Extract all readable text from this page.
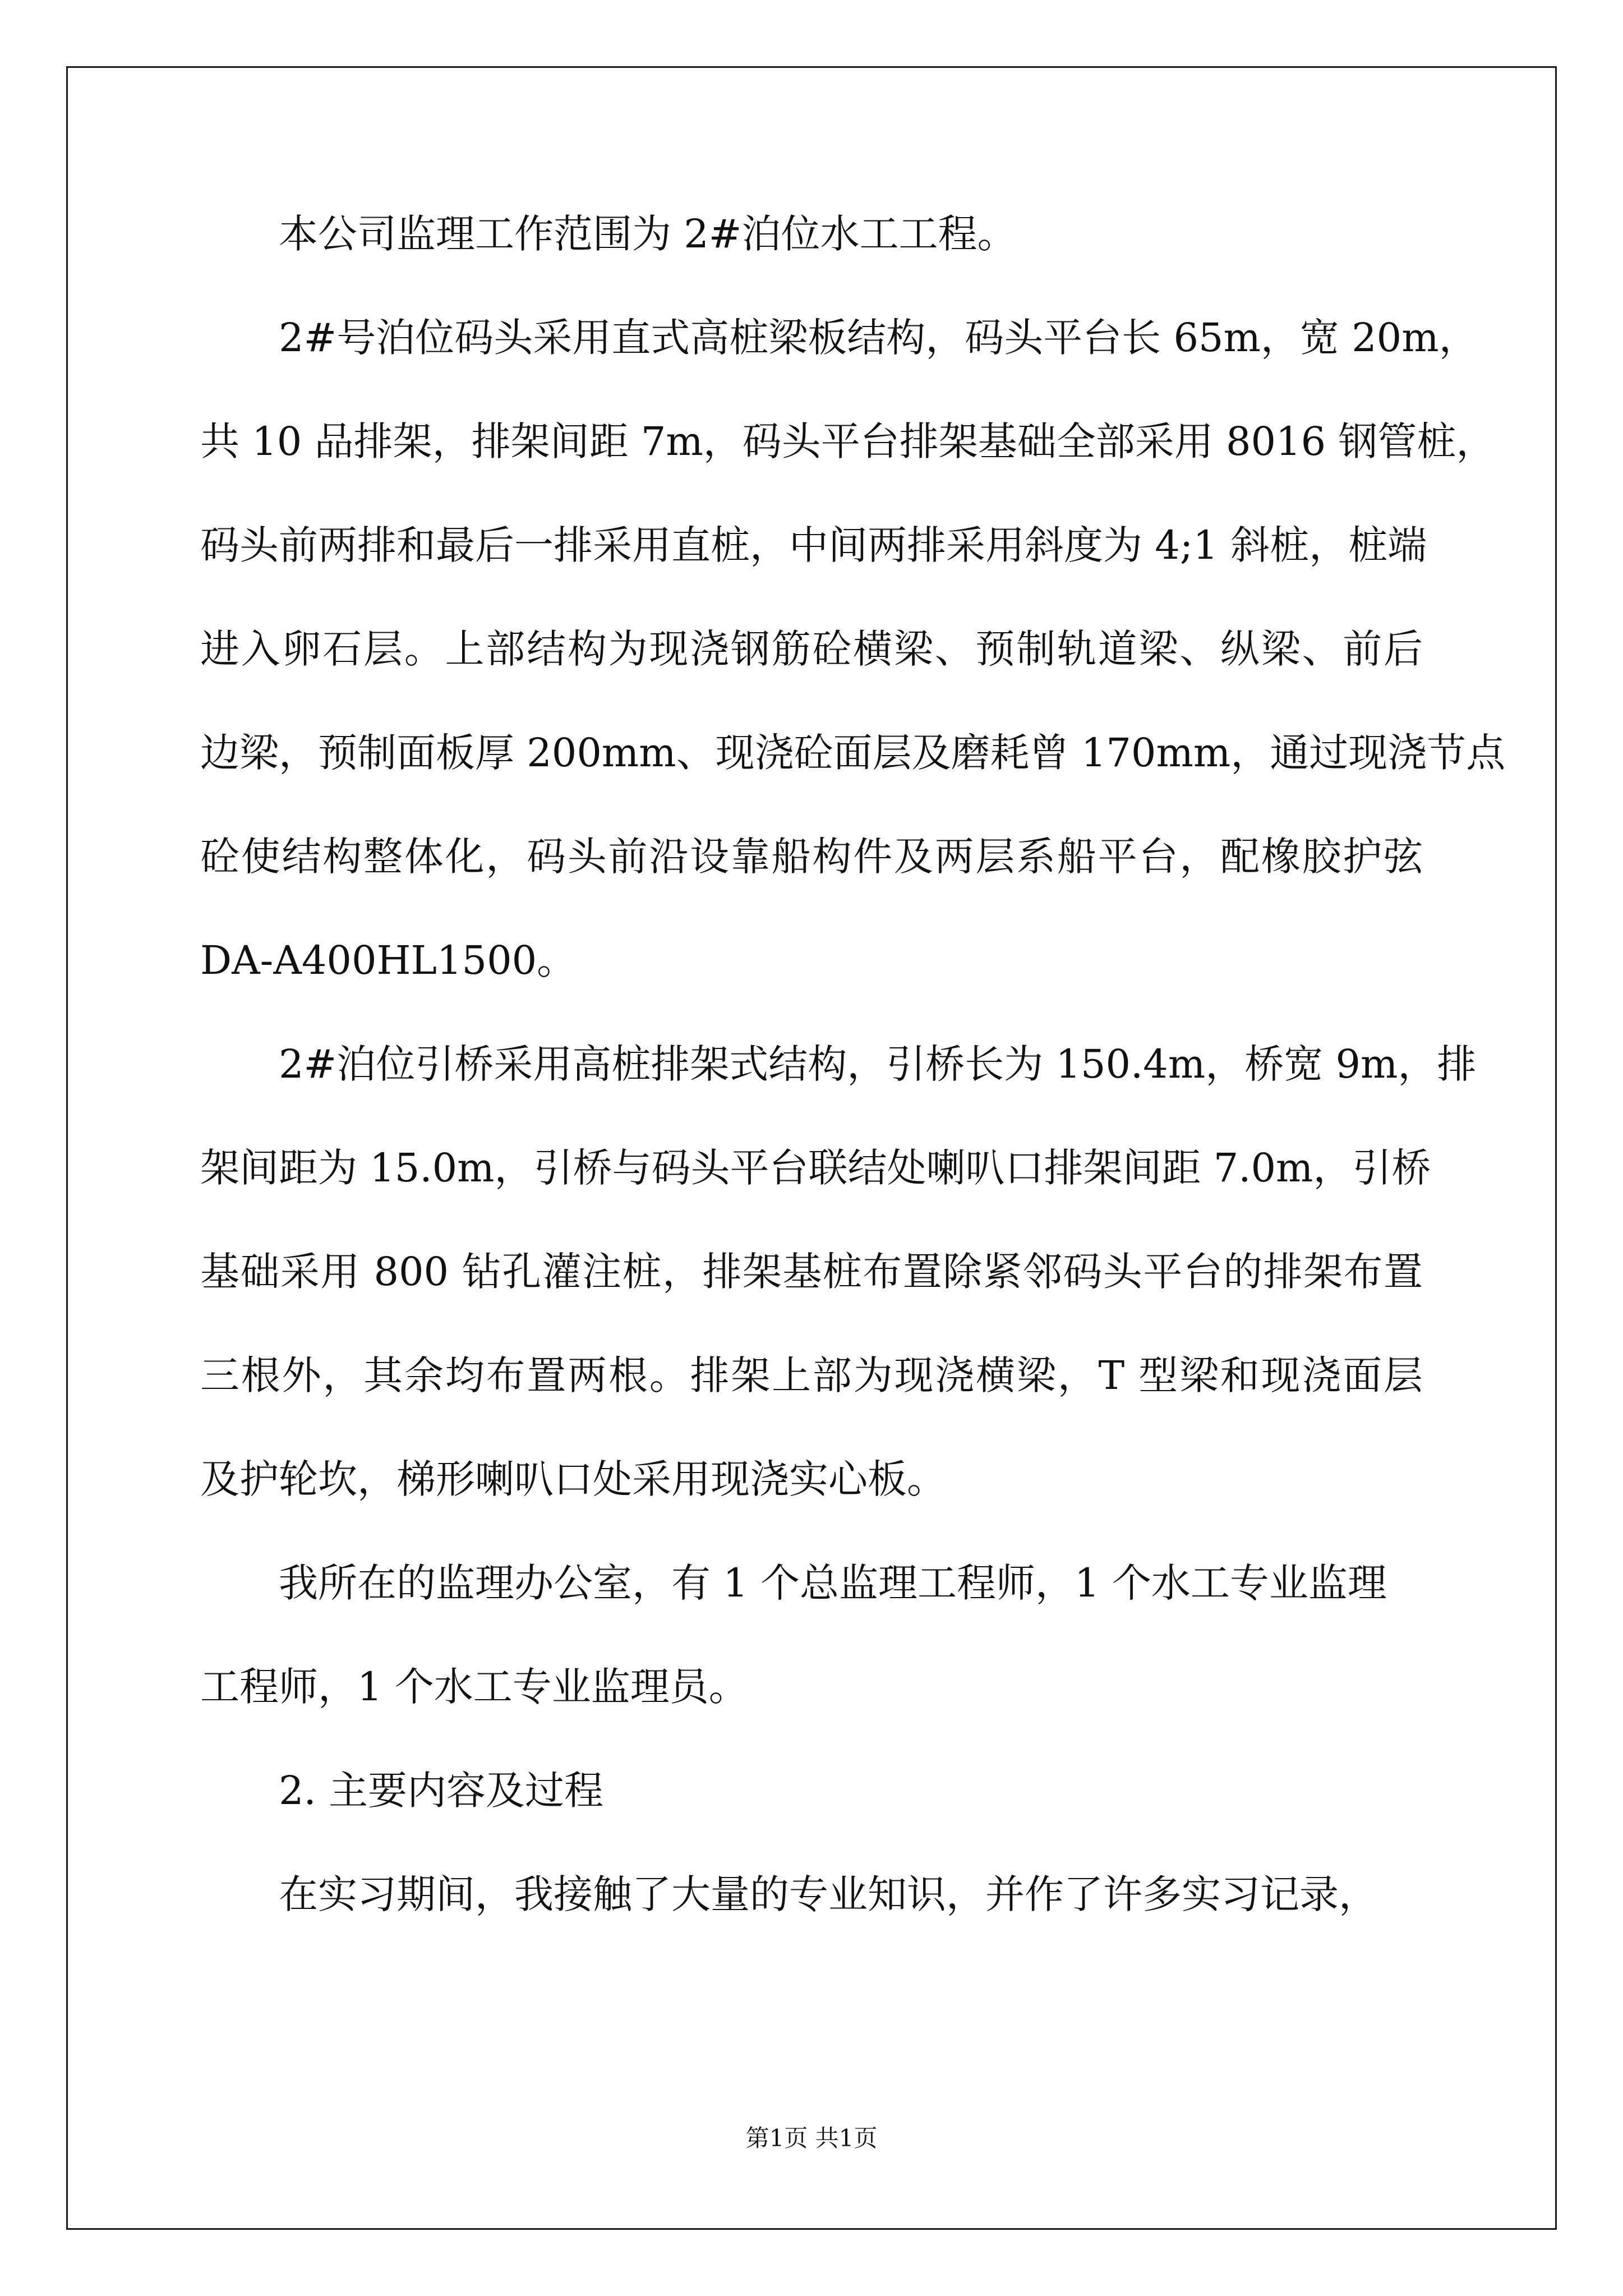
本公司监理工作范围为 2#泊位水工工程。
2#号泊位码头采用直式高桩梁板结构，码头平台长 65m，宽 20m，
共 10 品排架，排架间距 7m，码头平台排架基础全部采用 8016 钢管桩，
码头前两排和最后一排采用直桩，中间两排采用斜度为 4;1 斜桩，桩端
进入卵石层。上部结构为现浇钢筋砼横梁、预制轨道梁、纵梁、前后
边梁，预制面板厚 200mm、现浇砼面层及磨耗曾 170mm，通过现浇节点
砼使结构整体化，码头前沿设靠船构件及两层系船平台，配橡胶护弦
DA-A400HL1500。
2#泊位引桥采用高桩排架式结构，引桥长为 150.4m，桥宽 9m，排
架间距为 15.0m，引桥与码头平台联结处喇叭口排架间距 7.0m，引桥
基础采用 800 钻孔灌注桩，排架基桩布置除紧邻码头平台的排架布置
三根外，其余均布置两根。排架上部为现浇横梁，T 型梁和现浇面层
及护轮坎，梯形喇叭口处采用现浇实心板。
我所在的监理办公室，有 1 个总监理工程师，1 个水工专业监理
工程师，1 个水工专业监理员。
2. 主要内容及过程
在实习期间，我接触了大量的专业知识，并作了许多实习记录，
第1页 共1页
